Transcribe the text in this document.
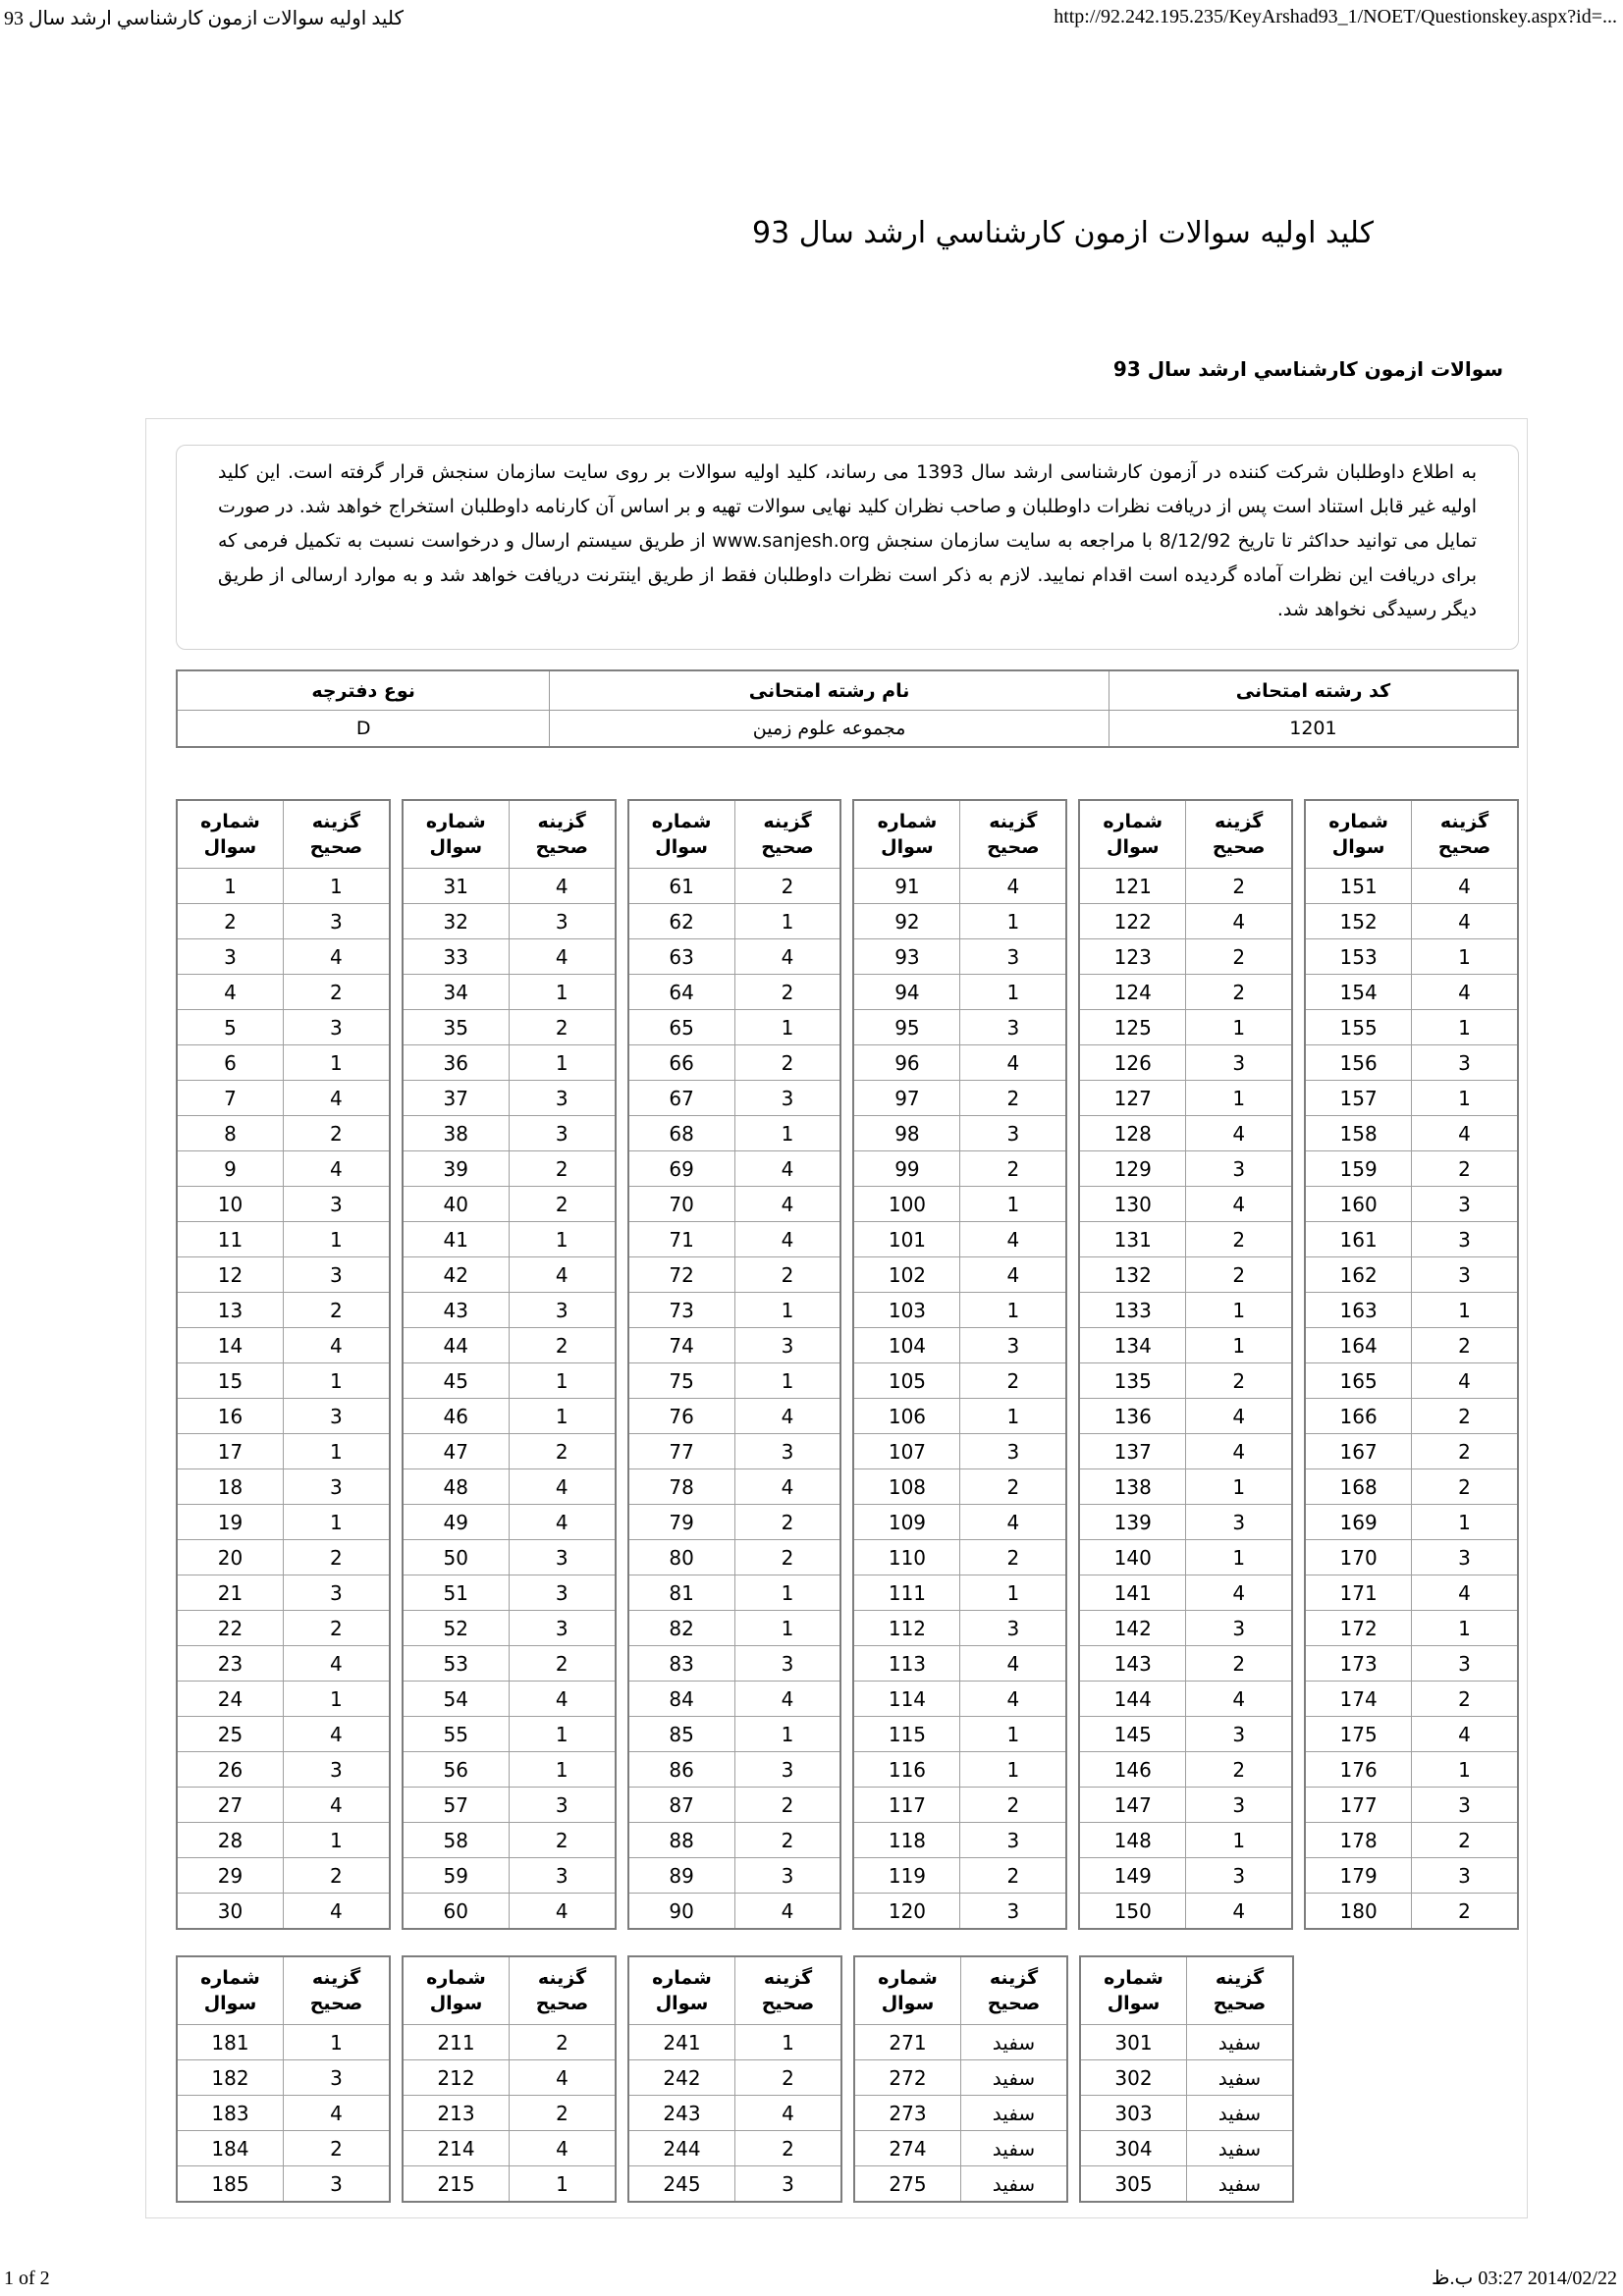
کلید اولیه سوالات ازمون کارشناسي ارشد سال 93	http://92.242.195.235/KeyArshad93_1/NOET/Questionskey.aspx?id=...
کلید اولیه سوالات ازمون کارشناسي ارشد سال 93
سوالات ازمون کارشناسي ارشد سال 93
به اطلاع داوطلبان شرکت کننده در آزمون کارشناسی ارشد سال 1393 می رساند، کلید اولیه سوالات بر روی سایت سازمان سنجش قرار گرفته است. این کلید اولیه غیر قابل استناد است پس از دریافت نظرات داوطلبان و صاحب نظران کلید نهایی سوالات تهیه و بر اساس آن کارنامه داوطلبان استخراج خواهد شد. در صورت تمایل می توانید حداکثر تا تاریخ 8/12/92 با مراجعه به سایت سازمان سنجش www.sanjesh.org از طریق سیستم ارسال و درخواست نسبت به تکمیل فرمی که برای دریافت این نظرات آماده گردیده است اقدام نمایید. لازم به ذکر است نظرات داوطلبان فقط از طریق اینترنت دریافت خواهد شد و به موارد ارسالی از طریق دیگر رسیدگی نخواهد شد.
کد رشته امتحانی	نام رشته امتحانی	نوع دفترچه
1201	مجموعه علوم زمین	D
شماره
سوال	گزینه
صحیح
1	1
2	3
3	4
4	2
5	3
6	1
7	4
8	2
9	4
10	3
11	1
12	3
13	2
14	4
15	1
16	3
17	1
18	3
19	1
20	2
21	3
22	2
23	4
24	1
25	4
26	3
27	4
28	1
29	2
30	4
شماره
سوال	گزینه
صحیح
31	4
32	3
33	4
34	1
35	2
36	1
37	3
38	3
39	2
40	2
41	1
42	4
43	3
44	2
45	1
46	1
47	2
48	4
49	4
50	3
51	3
52	3
53	2
54	4
55	1
56	1
57	3
58	2
59	3
60	4
شماره
سوال	گزینه
صحیح
61	2
62	1
63	4
64	2
65	1
66	2
67	3
68	1
69	4
70	4
71	4
72	2
73	1
74	3
75	1
76	4
77	3
78	4
79	2
80	2
81	1
82	1
83	3
84	4
85	1
86	3
87	2
88	2
89	3
90	4
شماره
سوال	گزینه
صحیح
91	4
92	1
93	3
94	1
95	3
96	4
97	2
98	3
99	2
100	1
101	4
102	4
103	1
104	3
105	2
106	1
107	3
108	2
109	4
110	2
111	1
112	3
113	4
114	4
115	1
116	1
117	2
118	3
119	2
120	3
شماره
سوال	گزینه
صحیح
121	2
122	4
123	2
124	2
125	1
126	3
127	1
128	4
129	3
130	4
131	2
132	2
133	1
134	1
135	2
136	4
137	4
138	1
139	3
140	1
141	4
142	3
143	2
144	4
145	3
146	2
147	3
148	1
149	3
150	4
شماره
سوال	گزینه
صحیح
151	4
152	4
153	1
154	4
155	1
156	3
157	1
158	4
159	2
160	3
161	3
162	3
163	1
164	2
165	4
166	2
167	2
168	2
169	1
170	3
171	4
172	1
173	3
174	2
175	4
176	1
177	3
178	2
179	3
180	2
شماره
سوال	گزینه
صحیح
181	1
182	3
183	4
184	2
185	3
شماره
سوال	گزینه
صحیح
211	2
212	4
213	2
214	4
215	1
شماره
سوال	گزینه
صحیح
241	1
242	2
243	4
244	2
245	3
شماره
سوال	گزینه
صحیح
271	سفید
272	سفید
273	سفید
274	سفید
275	سفید
شماره
سوال	گزینه
صحیح
301	سفید
302	سفید
303	سفید
304	سفید
305	سفید
1 of 2	2014/02/22 03:27 ب.ظ
